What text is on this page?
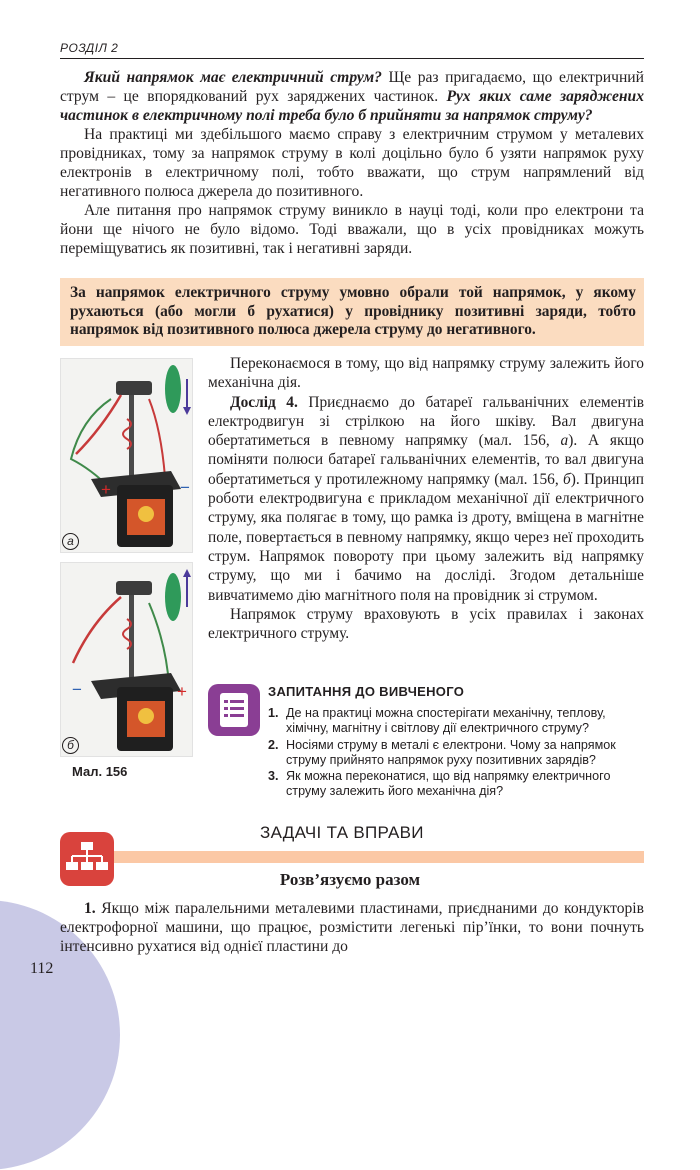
РОЗДІЛ 2

Який напрямок має електричний струм? Ще раз пригадаємо, що електричний струм – це впорядкований рух заряджених частинок. Рух яких саме заряджених частинок в електричному полі треба було б прийняти за напрямок струму?

На практиці ми здебільшого маємо справу з електричним струмом у металевих провідниках, тому за напрямок струму в колі доцільно було б узяти напрямок руху електронів в електричному полі, тобто вважати, що струм напрямлений від негативного полюса джерела до позитивного.

Але питання про напрямок струму виникло в науці тоді, коли про електрони та йони ще нічого не було відомо. Тоді вважали, що в усіх провідниках можуть переміщуватись як позитивні, так і негативні заряди.

За напрямок електричного струму умовно обрали той напрямок, у якому рухаються (або могли б рухатися) у провіднику позитивні заряди, тобто напрямок від позитивного полюса джерела струму до негативного.
+	−
а
−	+
б
Мал. 156

Переконаємося в тому, що від напрямку струму залежить його механічна дія.

Дослід 4. Приєднаємо до батареї гальванічних елементів електродвигун зі стрілкою на його шківу. Вал двигуна обертатиметься в певному напрямку (мал. 156, а). А якщо поміняти полюси батареї гальванічних елементів, то вал двигуна обертатиметься у протилежному напрямку (мал. 156, б). Принцип роботи електродвигуна є прикладом механічної дії електричного струму, яка полягає в тому, що рамка із дроту, вміщена в магнітне поле, повертається в певному напрямку, якщо через неї проходить струм. Напрямок повороту при цьому залежить від напрямку струму, що ми і бачимо на досліді. Згодом детальніше вивчатимемо дію магнітного поля на провідник зі струмом.

Напрямок струму враховують в усіх правилах і законах електричного струму.

ЗАПИТАННЯ ДО ВИВЧЕНОГО
1. Де на практиці можна спостерігати механічну, теплову, хімічну, магнітну і світлову дії електричного струму?
2. Носіями струму в металі є електрони. Чому за напрямок струму прийнято напрямок руху позитивних зарядів?
3. Як можна переконатися, що від напрямку електричного струму залежить його механічна дія?
ЗАДАЧІ ТА ВПРАВИ
Розв’язуємо разом

1. Якщо між паралельними металевими пластинами, приєднаними до кондукторів електрофорної машини, що працює, розмістити легенькі пір’їнки, то вони почнуть інтенсивно рухатися від однієї пластини до

112
